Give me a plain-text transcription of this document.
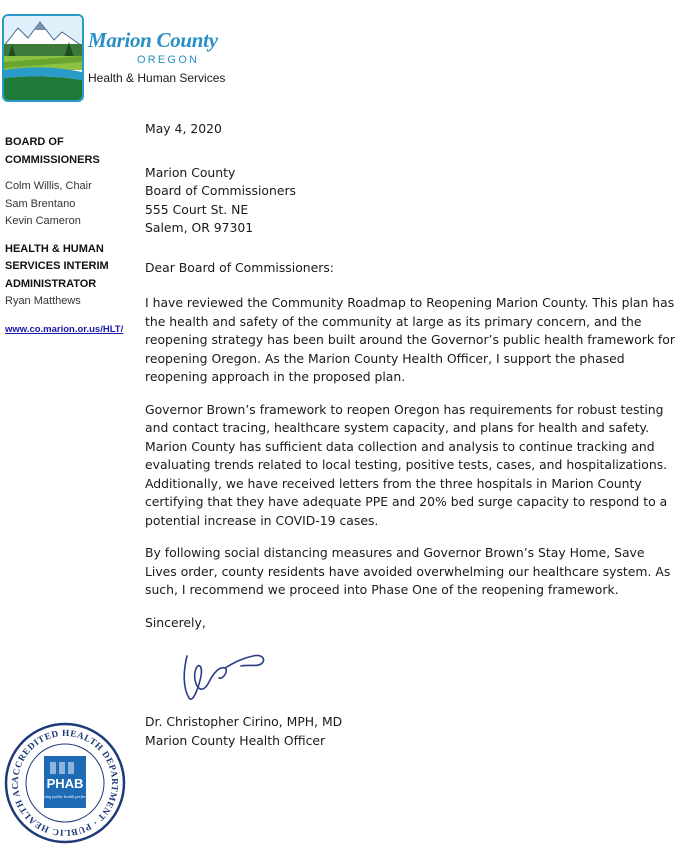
Marion County
OREGON
Health & Human Services
BOARD OF COMMISSIONERS
Colm Willis, Chair
Sam Brentano
Kevin Cameron
HEALTH & HUMAN SERVICES INTERIM ADMINISTRATOR
Ryan Matthews
www.co.marion.or.us/HLT/
May 4, 2020
Marion County
Board of Commissioners
555 Court St. NE
Salem, OR 97301
Dear Board of Commissioners:

I have reviewed the Community Roadmap to Reopening Marion County. This plan has the health and safety of the community at large as its primary concern, and the reopening strategy has been built around the Governor’s public health framework for reopening Oregon. As the Marion County Health Officer, I support the phased reopening approach in the proposed plan.

Governor Brown’s framework to reopen Oregon has requirements for robust testing and contact tracing, healthcare system capacity, and plans for health and safety. Marion County has sufficient data collection and analysis to continue tracking and evaluating trends related to local testing, positive tests, cases, and hospitalizations. Additionally, we have received letters from the three hospitals in Marion County certifying that they have adequate PPE and 20% bed surge capacity to respond to a potential increase in COVID-19 cases.

By following social distancing measures and Governor Brown’s Stay Home, Save Lives order, county residents have avoided overwhelming our healthcare system. As such, I recommend we proceed into Phase One of the reopening framework.

Sincerely,
Dr. Christopher Cirino, MPH, MD
Marion County Health Officer
ACCREDITED HEALTH DEPARTMENT · PUBLIC HEALTH AC	PHAB
Advancing public health performance
